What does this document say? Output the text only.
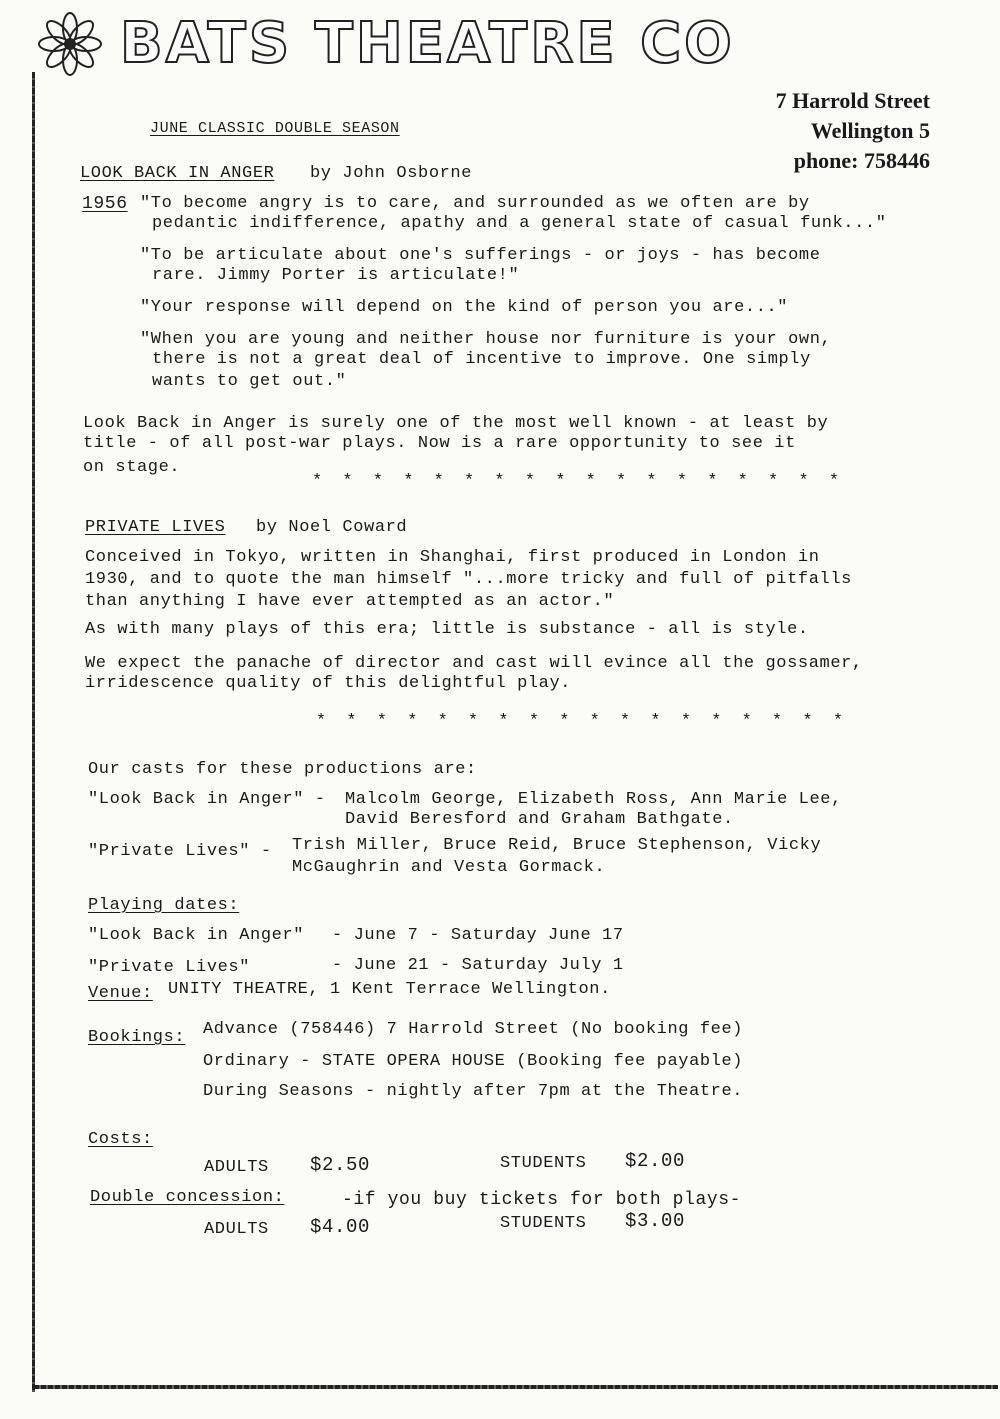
BATS THEATRE CO
7 Harrold Street
Wellington 5
phone: 758446
JUNE CLASSIC DOUBLE SEASON
LOOK BACK IN ANGER by John Osborne
1956 "To become angry is to care, and surrounded as we often are by
pedantic indifference, apathy and a general state of casual funk..."
"To be articulate about one's sufferings - or joys - has become
rare. Jimmy Porter is articulate!"
"Your response will depend on the kind of person you are..."
"When you are young and neither house nor furniture is your own,
there is not a great deal of incentive to improve. One simply
wants to get out."
Look Back in Anger is surely one of the most well known - at least by
title - of all post-war plays. Now is a rare opportunity to see it
on stage.
* * * * * * * * * * * * * * * * * *
PRIVATE LIVES by Noel Coward
Conceived in Tokyo, written in Shanghai, first produced in London in
1930, and to quote the man himself "...more tricky and full of pitfalls
than anything I have ever attempted as an actor."
As with many plays of this era; little is substance - all is style.
We expect the panache of director and cast will evince all the gossamer,
irridescence quality of this delightful play.
* * * * * * * * * * * * * * * * * *
Our casts for these productions are:
"Look Back in Anger" - Malcolm George, Elizabeth Ross, Ann Marie Lee,
David Beresford and Graham Bathgate.
"Private Lives" - Trish Miller, Bruce Reid, Bruce Stephenson, Vicky
McGaughrin and Vesta Gormack.
Playing dates:
"Look Back in Anger" - June 7 - Saturday June 17
"Private Lives"	- June 21 - Saturday July 1
Venue: UNITY THEATRE, 1 Kent Terrace Wellington.
Bookings: Advance (758446) 7 Harrold Street (No booking fee)
Ordinary - STATE OPERA HOUSE (Booking fee payable)
During Seasons - nightly after 7pm at the Theatre.
Costs:
ADULTS $2.50	STUDENTS $2.00
Double concession:	-if you buy tickets for both plays-
ADULTS $4.00	STUDENTS $3.00
